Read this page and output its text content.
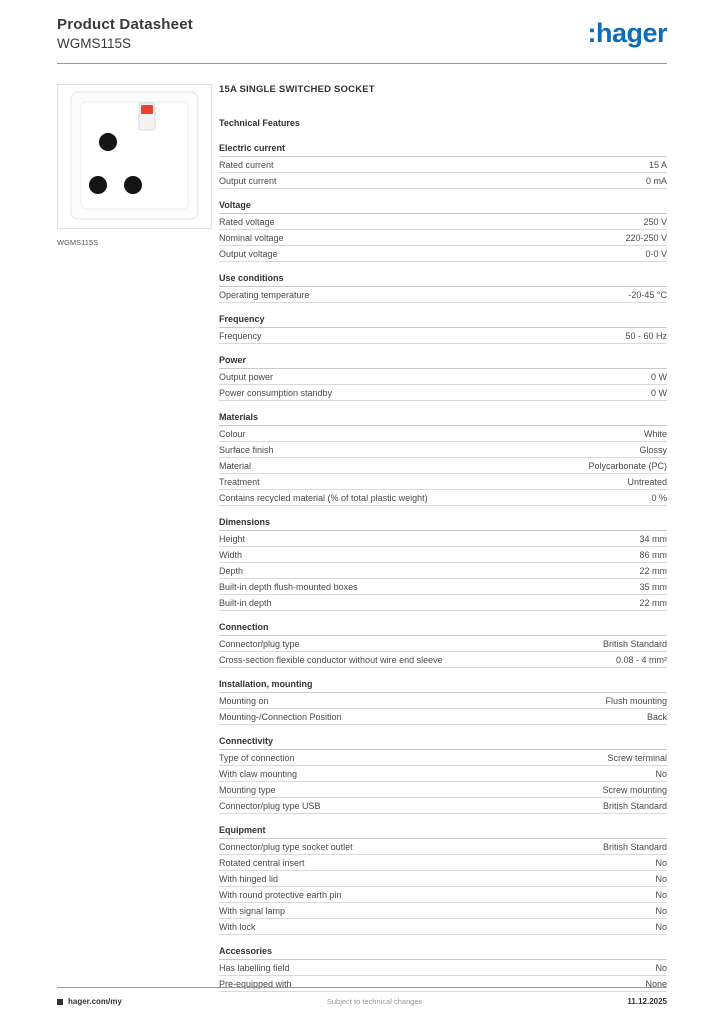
Product Datasheet
WGMS115S	:hager
WGMS115S
15A SINGLE SWITCHED SOCKET
Technical Features
Electric current
Rated current	15 A
Output current	0 mA
Voltage
Rated voltage	250 V
Nominal voltage	220-250 V
Output voltage	0-0 V
Use conditions
Operating temperature	-20-45 °C
Frequency
Frequency	50 - 60 Hz
Power
Output power	0 W
Power consumption standby	0 W
Materials
Colour	White
Surface finish	Glossy
Material	Polycarbonate (PC)
Treatment	Untreated
Contains recycled material (% of total plastic weight)	0 %
Dimensions
Height	34 mm
Width	86 mm
Depth	22 mm
Built-in depth flush-mounted boxes	35 mm
Built-in depth	22 mm
Connection
Connector/plug type	British Standard
Cross-section flexible conductor without wire end sleeve	0.08 - 4 mm²
Installation, mounting
Mounting on	Flush mounting
Mounting-/Connection Position	Back
Connectivity
Type of connection	Screw terminal
With claw mounting	No
Mounting type	Screw mounting
Connector/plug type USB	British Standard
Equipment
Connector/plug type socket outlet	British Standard
Rotated central insert	No
With hinged lid	No
With round protective earth pin	No
With signal lamp	No
With lock	No
Accessories
Has labelling field	No
Pre-equipped with	None
hager.com/my	Subject to technical changes	11.12.2025
